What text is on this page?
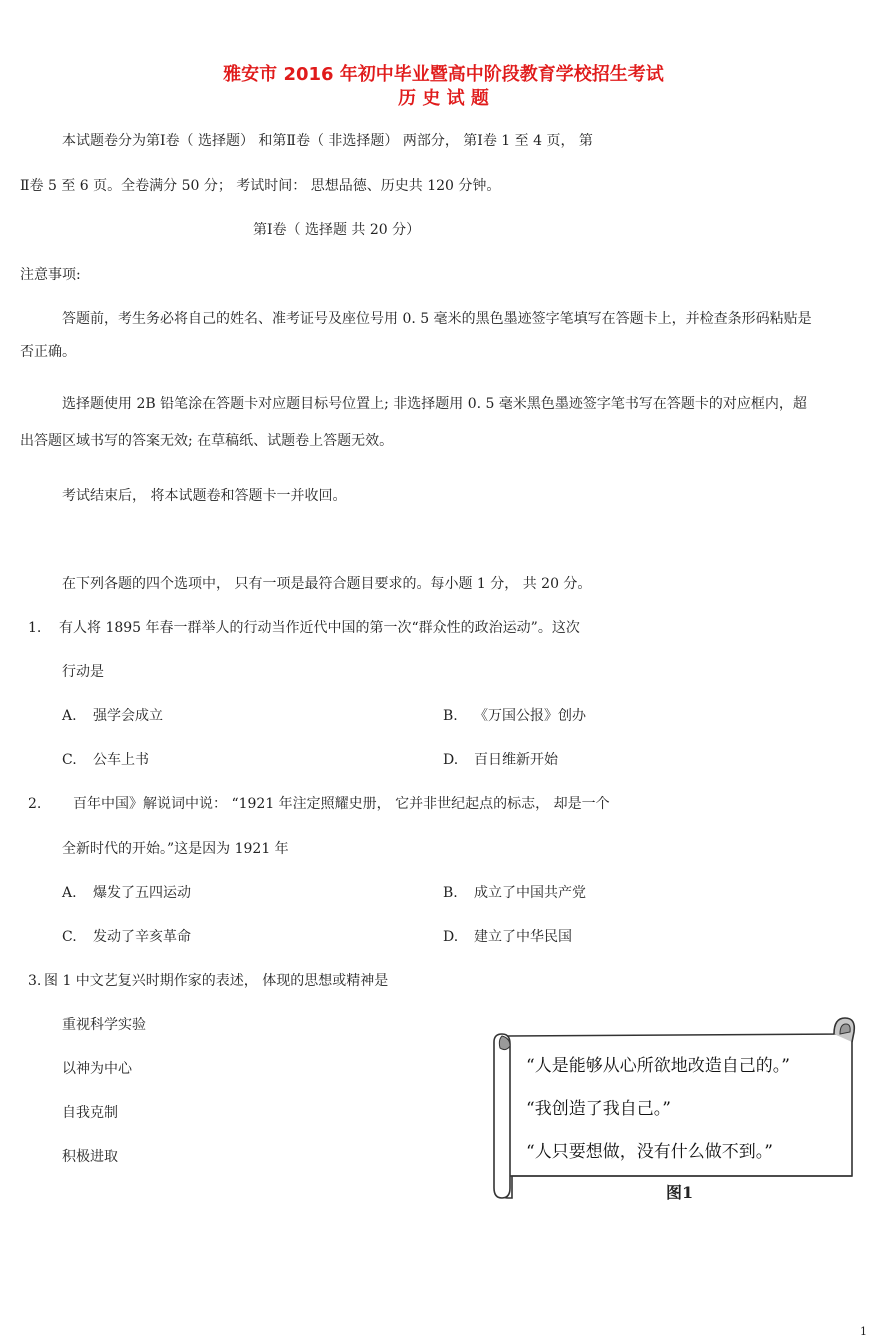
雅安市 2016 年初中毕业暨高中阶段教育学校招生考试
历 史 试 题
本试题卷分为第Ⅰ卷（ 选择题） 和第Ⅱ卷（ 非选择题） 两部分， 第Ⅰ卷 1 至 4 页， 第
Ⅱ卷 5 至 6 页。全卷满分 50 分； 考试时间： 思想品德、历史共 120 分钟。
第Ⅰ卷（ 选择题 共 20 分）
注意事项:
答题前，考生务必将自己的姓名、准考证号及座位号用 0. 5 毫米的黑色墨迹签字笔填写在答题卡上，并检查条形码粘贴是
否正确。
选择题使用 2B 铅笔涂在答题卡对应题目标号位置上; 非选择题用 0. 5 毫米黑色墨迹签字笔书写在答题卡的对应框内，超
出答题区域书写的答案无效; 在草稿纸、试题卷上答题无效。
考试结束后， 将本试题卷和答题卡一并收回。
在下列各题的四个选项中， 只有一项是最符合题目要求的。每小题 1 分， 共 20 分。
1. 有人将 1895 年春一群举人的行动当作近代中国的第一次“群众性的政治运动”。这次
行动是
A. 强学会成立	B. 《万国公报》创办
C. 公车上书	D. 百日维新开始
2. 百年中国》解说词中说： “1921 年注定照耀史册， 它并非世纪起点的标志， 却是一个
全新时代的开始。”这是因为 1921 年
A. 爆发了五四运动	B. 成立了中国共产党
C. 发动了辛亥革命	D. 建立了中华民国
3. 图 1 中文艺复兴时期作家的表述， 体现的思想或精神是
重视科学实验
以神为中心
自我克制
积极进取
“人是能够从心所欲地改造自己的。”
“我创造了我自己。”
“人只要想做，没有什么做不到。”
图1
1
